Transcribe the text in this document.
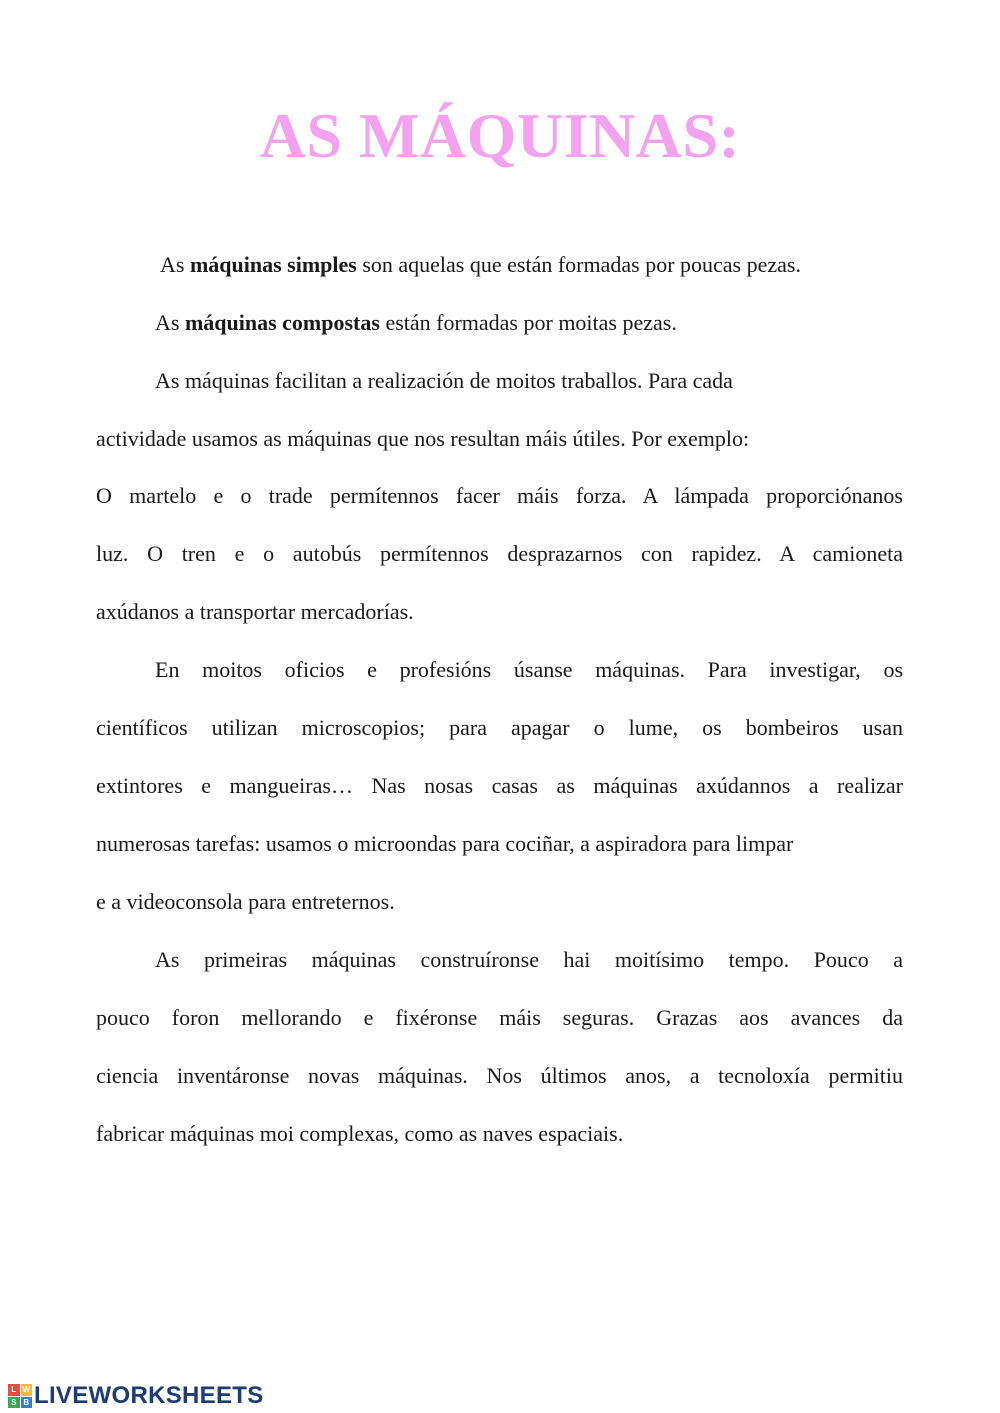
AS MÁQUINAS:

As máquinas simples son aquelas que están formadas por poucas pezas.

As máquinas compostas están formadas por moitas pezas.

As máquinas facilitan a realización de moitos traballos. Para cada

actividade usamos as máquinas que nos resultan máis útiles. Por exemplo:

O martelo e o trade permítennos facer máis forza. A lámpada proporciónanos

luz. O tren e o autobús permítennos desprazarnos con rapidez. A camioneta

axúdanos a transportar mercadorías.

En moitos oficios e profesións úsanse máquinas. Para investigar, os

científicos utilizan microscopios; para apagar o lume, os bombeiros usan

extintores e mangueiras… Nas nosas casas as máquinas axúdannos a realizar

numerosas tarefas: usamos o microondas para cociñar, a aspiradora para limpar

e a videoconsola para entreternos.

As primeiras máquinas construíronse hai moitísimo tempo. Pouco a

pouco foron mellorando e fixéronse máis seguras. Grazas aos avances da

ciencia inventáronse novas máquinas. Nos últimos anos, a tecnoloxía permitiu

fabricar máquinas moi complexas, como as naves espaciais.

L W
S B LIVEWORKSHEETS
